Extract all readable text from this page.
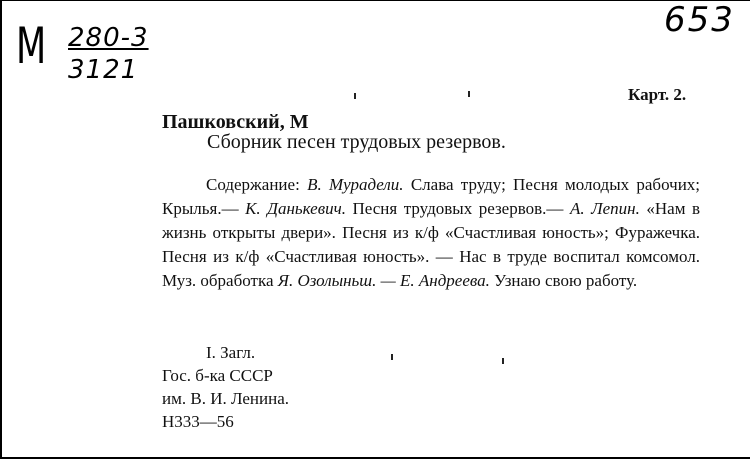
М 280-3
3121
653
Карт. 2.
Пашковский, М
Сборник песен трудовых резервов.
Содержание: В. Мурадели. Слава труду; Песня молодых рабочих; Крылья.— К. Данькевич. Песня трудовых резервов.— А. Лепин. «Нам в жизнь открыты двери». Песня из к/ф «Счастливая юность»; Фуражечка. Песня из к/ф «Счастливая юность». — Нас в труде воспитал комсомол. Муз. обработка Я. Озолыньш. — Е. Андреева. Узнаю свою работу.
I. Загл.
Гос. б-ка СССР
им. В. И. Ленина.
Н333—56
